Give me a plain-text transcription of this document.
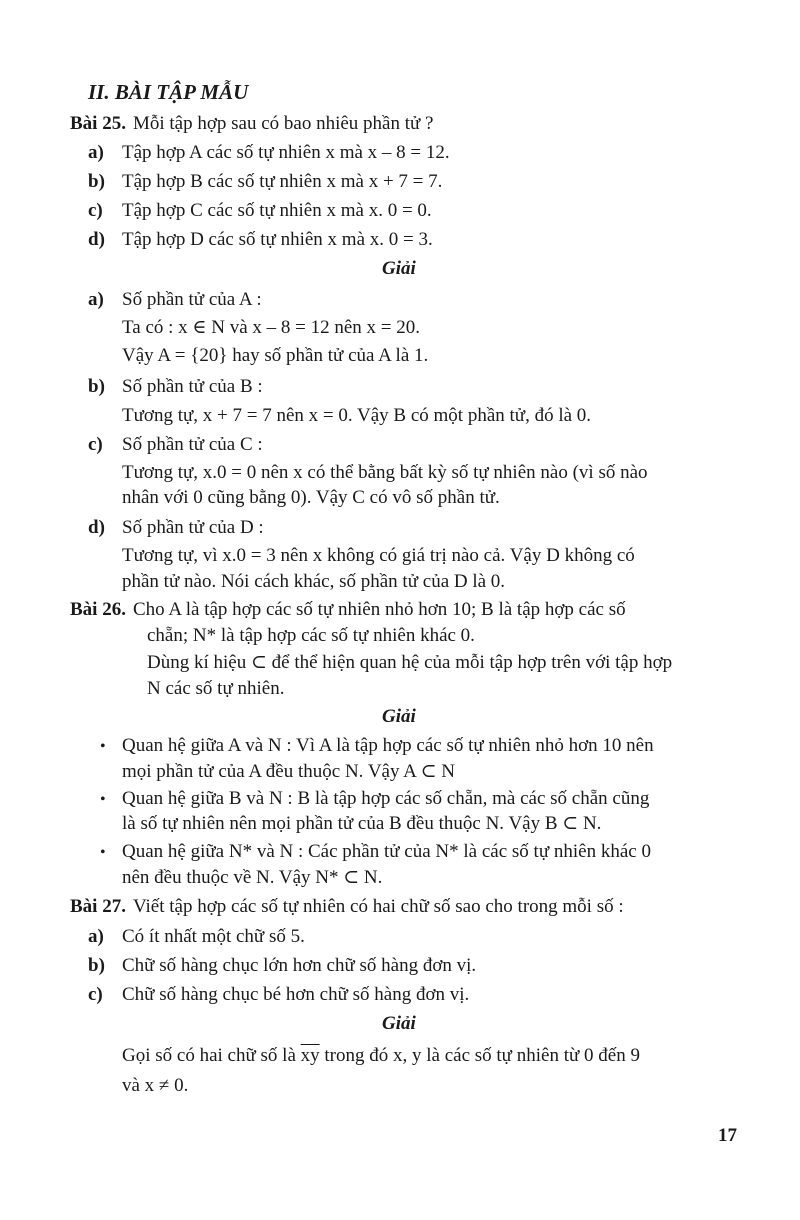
II. BÀI TẬP MẪU
Bài 25. Mỗi tập hợp sau có bao nhiêu phần tử ?
a) Tập hợp A các số tự nhiên x mà x – 8 = 12.
b) Tập hợp B các số tự nhiên x mà x + 7 = 7.
c) Tập hợp C các số tự nhiên x mà x. 0 = 0.
d) Tập hợp D các số tự nhiên x mà x. 0 = 3.
Giải
a) Số phần tử của A :
Ta có : x ∈ N và x – 8 = 12 nên x = 20.
Vậy A = {20} hay số phần tử của A là 1.
b) Số phần tử của B :
Tương tự, x + 7 = 7 nên x = 0. Vậy B có một phần tử, đó là 0.
c) Số phần tử của C :
Tương tự, x.0 = 0 nên x có thể bằng bất kỳ số tự nhiên nào (vì số nào
nhân với 0 cũng bằng 0). Vậy C có vô số phần tử.
d) Số phần tử của D :
Tương tự, vì x.0 = 3 nên x không có giá trị nào cả. Vậy D không có
phần tử nào. Nói cách khác, số phần tử của D là 0.
Bài 26. Cho A là tập hợp các số tự nhiên nhỏ hơn 10; B là tập hợp các số
chẵn; N* là tập hợp các số tự nhiên khác 0.
Dùng kí hiệu ⊂ để thể hiện quan hệ của mỗi tập hợp trên với tập hợp
N các số tự nhiên.
Giải
• Quan hệ giữa A và N : Vì A là tập hợp các số tự nhiên nhỏ hơn 10 nên
mọi phần tử của A đều thuộc N. Vậy A ⊂ N
• Quan hệ giữa B và N : B là tập hợp các số chẵn, mà các số chẵn cũng
là số tự nhiên nên mọi phần tử của B đều thuộc N. Vậy B ⊂ N.
• Quan hệ giữa N* và N : Các phần tử của N* là các số tự nhiên khác 0
nên đều thuộc về N. Vậy N* ⊂ N.
Bài 27. Viết tập hợp các số tự nhiên có hai chữ số sao cho trong mỗi số :
a) Có ít nhất một chữ số 5.
b) Chữ số hàng chục lớn hơn chữ số hàng đơn vị.
c) Chữ số hàng chục bé hơn chữ số hàng đơn vị.
Giải
Gọi số có hai chữ số là $\overline{xy}$ trong đó x, y là các số tự nhiên từ 0 đến 9
và x ≠ 0.
17
